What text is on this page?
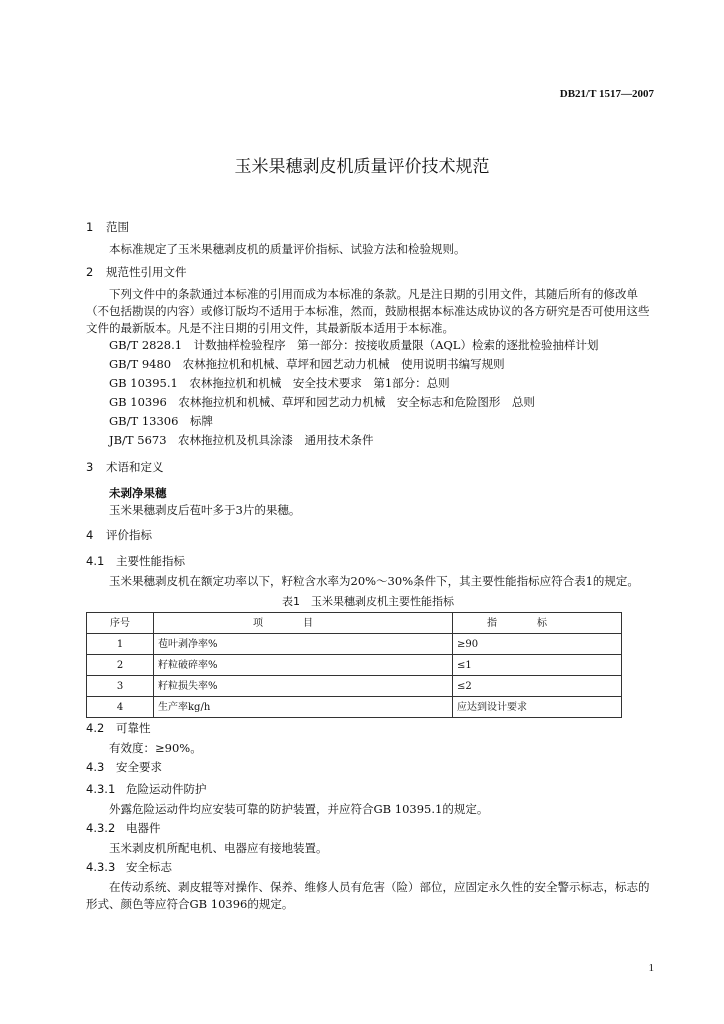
DB21/T 1517—2007
玉米果穗剥皮机质量评价技术规范
1 范围
本标准规定了玉米果穗剥皮机的质量评价指标、试验方法和检验规则。
2 规范性引用文件
下列文件中的条款通过本标准的引用而成为本标准的条款。凡是注日期的引用文件，其随后所有的修改单（不包括勘误的内容）或修订版均不适用于本标准，然而，鼓励根据本标准达成协议的各方研究是否可使用这些文件的最新版本。凡是不注日期的引用文件，其最新版本适用于本标准。
GB/T 2828.1　计数抽样检验程序　第一部分：按接收质量限（AQL）检索的逐批检验抽样计划
GB/T 9480　农林拖拉机和机械、草坪和园艺动力机械　使用说明书编写规则
GB 10395.1　农林拖拉机和机械　安全技术要求　第1部分：总则
GB 10396　农林拖拉机和机械、草坪和园艺动力机械　安全标志和危险图形　总则
GB/T 13306　标牌
JB/T 5673　农林拖拉机及机具涂漆　通用技术条件
3 术语和定义
未剥净果穗
玉米果穗剥皮后苞叶多于3片的果穗。
4 评价指标
4.1 主要性能指标
玉米果穗剥皮机在额定功率以下，籽粒含水率为20%～30%条件下，其主要性能指标应符合表1的规定。
表1　玉米果穗剥皮机主要性能指标
序号	项目	指标
1	苞叶剥净率%	≥90
2	籽粒破碎率%	≤1
3	籽粒损失率%	≤2
4	生产率kg/h	应达到设计要求
4.2 可靠性
有效度：≥90%。
4.3 安全要求
4.3.1 危险运动件防护
外露危险运动件均应安装可靠的防护装置，并应符合GB 10395.1的规定。
4.3.2 电器件
玉米剥皮机所配电机、电器应有接地装置。
4.3.3 安全标志
在传动系统、剥皮辊等对操作、保养、维修人员有危害（险）部位，应固定永久性的安全警示标志，标志的形式、颜色等应符合GB 10396的规定。
1
